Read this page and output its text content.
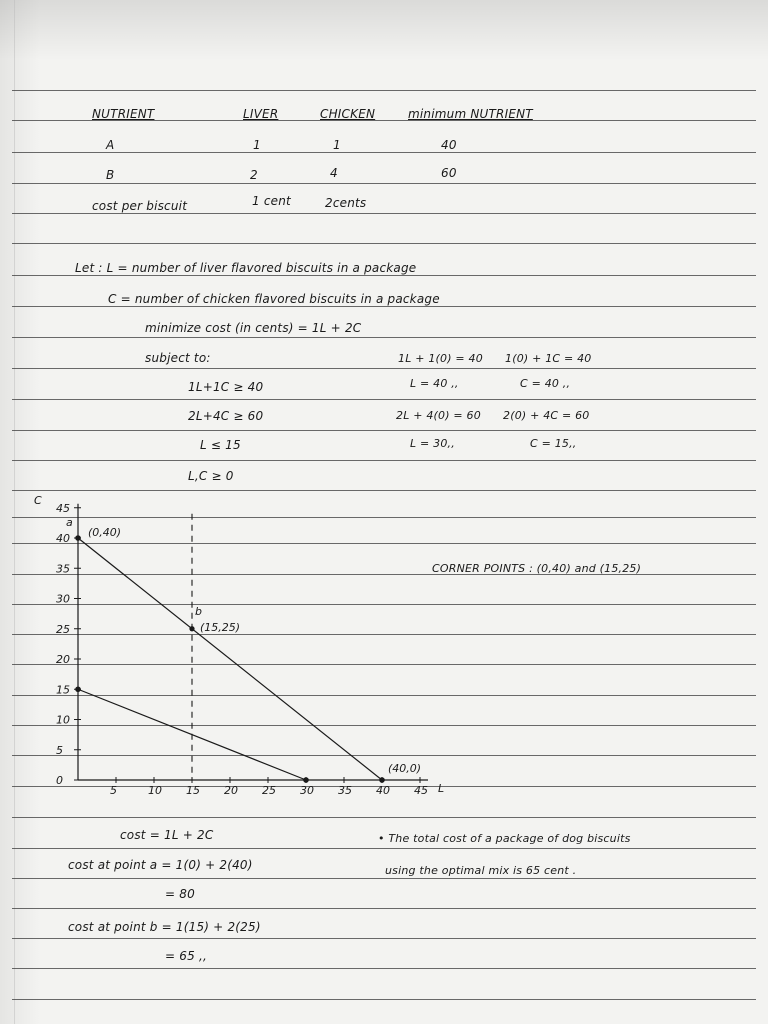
NUTRIENT	LIVER	CHICKEN	minimum NUTRIENT
A	1	1	40
B	2	4	60
cost per biscuit	1 cent	2cents
Let : L = number of liver flavored biscuits in a package
C = number of chicken flavored biscuits in a package
minimize cost (in cents) = 1L + 2C
subject to:
1L+1C ≥ 40
2L+4C ≥ 60
L ≤ 15
L,C ≥ 0
1L + 1(0) = 40 1(0) + 1C = 40
L = 40 ,,	C = 40 ,,
2L + 4(0) = 60 2(0) + 4C = 60
L = 30,,	C = 15,,
45
40
35
30
25
20
15
10
5
0
5	10 15 20 25 30 35 40 45
C
L
a
(0,40)
b
(15,25)
(40,0)
CORNER POINTS : (0,40) and (15,25)
cost = 1L + 2C
cost at point a = 1(0) + 2(40)
= 80
cost at point b = 1(15) + 2(25)
= 65 ,,
• The total cost of a package of dog biscuits
using the optimal mix is 65 cent .
